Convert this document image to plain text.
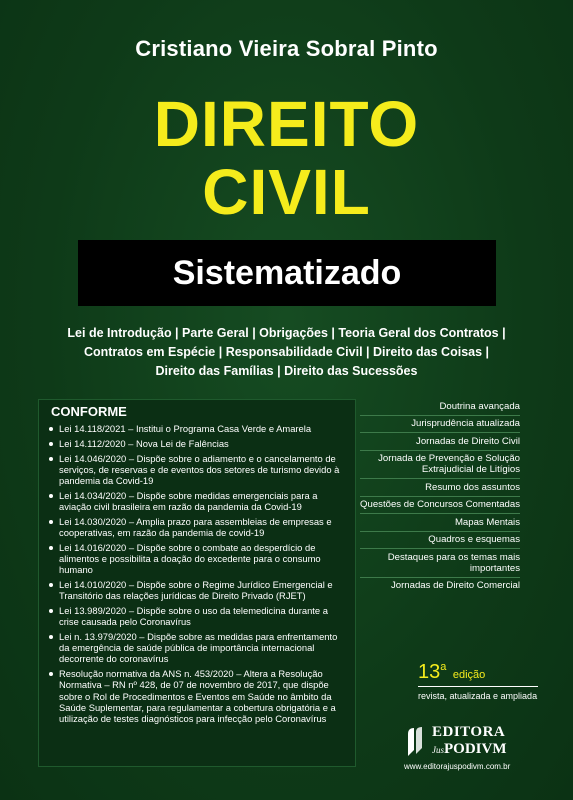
Cristiano Vieira Sobral Pinto
DIREITO
CIVIL
Sistematizado
Lei de Introdução | Parte Geral | Obrigações | Teoria Geral dos Contratos |
Contratos em Espécie | Responsabilidade Civil | Direito das Coisas |
Direito das Famílias | Direito das Sucessões
CONFORME
Lei 14.118/2021 – Institui o Programa Casa Verde e Amarela
Lei 14.112/2020 – Nova Lei de Falências
Lei 14.046/2020 – Dispõe sobre o adiamento e o cancelamento de serviços, de reservas e de eventos dos setores de turismo devido à pandemia da Covid-19
Lei 14.034/2020 – Dispõe sobre medidas emergenciais para a aviação civil brasileira em razão da pandemia da Covid-19
Lei 14.030/2020 – Amplia prazo para assembleias de empresas e cooperativas, em razão da pandemia de covid-19
Lei 14.016/2020 – Dispõe sobre o combate ao desperdício de alimentos e possibilita a doação do excedente para o consumo humano
Lei 14.010/2020 – Dispõe sobre o Regime Jurídico Emergencial e Transitório das relações jurídicas de Direito Privado (RJET)
Lei 13.989/2020 – Dispõe sobre o uso da telemedicina durante a crise causada pelo Coronavírus
Lei n. 13.979/2020 – Dispõe sobre as medidas para enfrentamento da emergência de saúde pública de importância internacional decorrente do coronavírus
Resolução normativa da ANS n. 453/2020 – Altera a Resolução Normativa – RN nº 428, de 07 de novembro de 2017, que dispõe sobre o Rol de Procedimentos e Eventos em Saúde no âmbito da Saúde Suplementar, para regulamentar a cobertura obrigatória e a utilização de testes diagnósticos para infecção pelo Coronavírus
Doutrina avançada
Jurisprudência atualizada
Jornadas de Direito Civil
Jornada de Prevenção e Solução Extrajudicial de Litígios
Resumo dos assuntos
Questões de Concursos Comentadas
Mapas Mentais
Quadros e esquemas
Destaques para os temas mais importantes
Jornadas de Direito Comercial
13$^a$ edição
revista, atualizada e ampliada
EDITORA
JusPODIVM
www.editorajuspodivm.com.br
